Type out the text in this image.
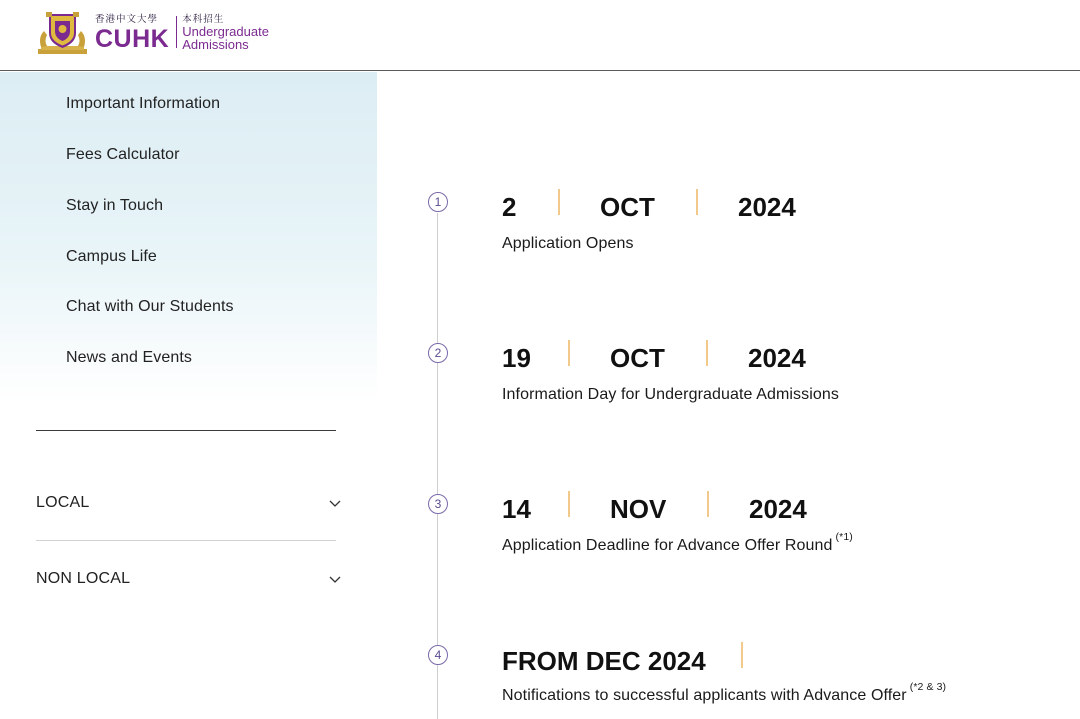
香港中文大學
CUHK
本科招生
Undergraduate
Admissions
Important Information
Fees Calculator
Stay in Touch
Campus Life
Chat with Our Students
News and Events
LOCAL
NON LOCAL
1 2	OCT	2024
Application Opens
2 19	OCT	2024
Information Day for Undergraduate Admissions
3 14	NOV	2024
Application Deadline for Advance Offer Round $^{(*1)}$
4 FROM DEC 2024
Notifications to successful applicants with Advance Offer $^{(*2 \& 3)}$
